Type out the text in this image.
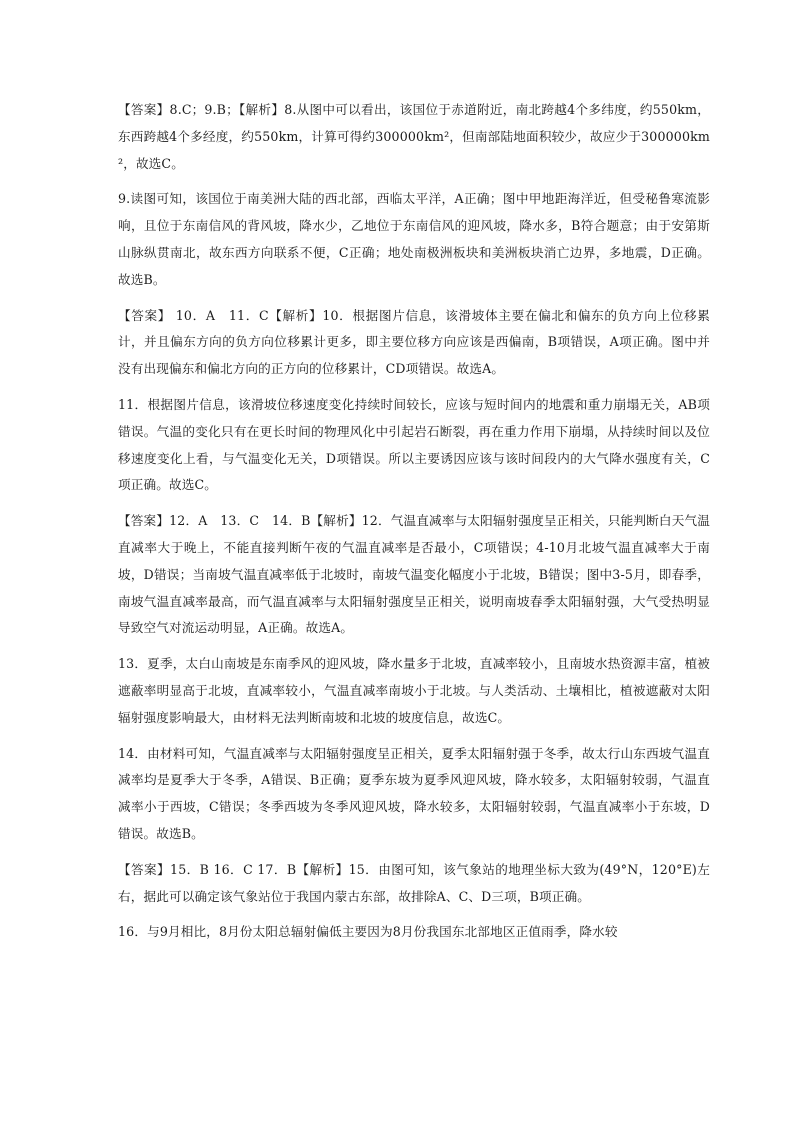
【答案】8.C；9.B；【解析】8.从图中可以看出，该国位于赤道附近，南北跨越4个多纬度，约550km，东西跨越4个多经度，约550km，计算可得约300000km²，但南部陆地面积较少，故应少于300000km²，故选C。

9.读图可知，该国位于南美洲大陆的西北部，西临太平洋，A正确；图中甲地距海洋近，但受秘鲁寒流影响，且位于东南信风的背风坡，降水少，乙地位于东南信风的迎风坡，降水多，B符合题意；由于安第斯山脉纵贯南北，故东西方向联系不便，C正确；地处南极洲板块和美洲板块消亡边界，多地震，D正确。故选B。

【答案】 10．A　11．C【解析】10．根据图片信息，该滑坡体主要在偏北和偏东的负方向上位移累计，并且偏东方向的负方向位移累计更多，即主要位移方向应该是西偏南，B项错误，A项正确。图中并没有出现偏东和偏北方向的正方向的位移累计，CD项错误。故选A。

11．根据图片信息，该滑坡位移速度变化持续时间较长，应该与短时间内的地震和重力崩塌无关，AB项错误。气温的变化只有在更长时间的物理风化中引起岩石断裂，再在重力作用下崩塌，从持续时间以及位移速度变化上看，与气温变化无关，D项错误。所以主要诱因应该与该时间段内的大气降水强度有关，C项正确。故选C。

【答案】12．A　13．C　14．B【解析】12．气温直减率与太阳辐射强度呈正相关，只能判断白天气温直减率大于晚上，不能直接判断午夜的气温直减率是否最小，C项错误；4-10月北坡气温直减率大于南坡，D错误；当南坡气温直减率低于北坡时，南坡气温变化幅度小于北坡，B错误；图中3-5月，即春季，南坡气温直减率最高，而气温直减率与太阳辐射强度呈正相关，说明南坡春季太阳辐射强，大气受热明显导致空气对流运动明显，A正确。故选A。

13．夏季，太白山南坡是东南季风的迎风坡，降水量多于北坡，直减率较小，且南坡水热资源丰富，植被遮蔽率明显高于北坡，直减率较小，气温直减率南坡小于北坡。与人类活动、土壤相比，植被遮蔽对太阳辐射强度影响最大，由材料无法判断南坡和北坡的坡度信息，故选C。

14．由材料可知，气温直减率与太阳辐射强度呈正相关，夏季太阳辐射强于冬季，故太行山东西坡气温直减率均是夏季大于冬季，A错误、B正确；夏季东坡为夏季风迎风坡，降水较多，太阳辐射较弱，气温直减率小于西坡，C错误；冬季西坡为冬季风迎风坡，降水较多，太阳辐射较弱，气温直减率小于东坡，D错误。故选B。

【答案】15．B 16．C 17．B【解析】15．由图可知，该气象站的地理坐标大致为(49°N，120°E)左右，据此可以确定该气象站位于我国内蒙古东部，故排除A、C、D三项，B项正确。

16．与9月相比，8月份太阳总辐射偏低主要因为8月份我国东北部地区正值雨季，降水较
